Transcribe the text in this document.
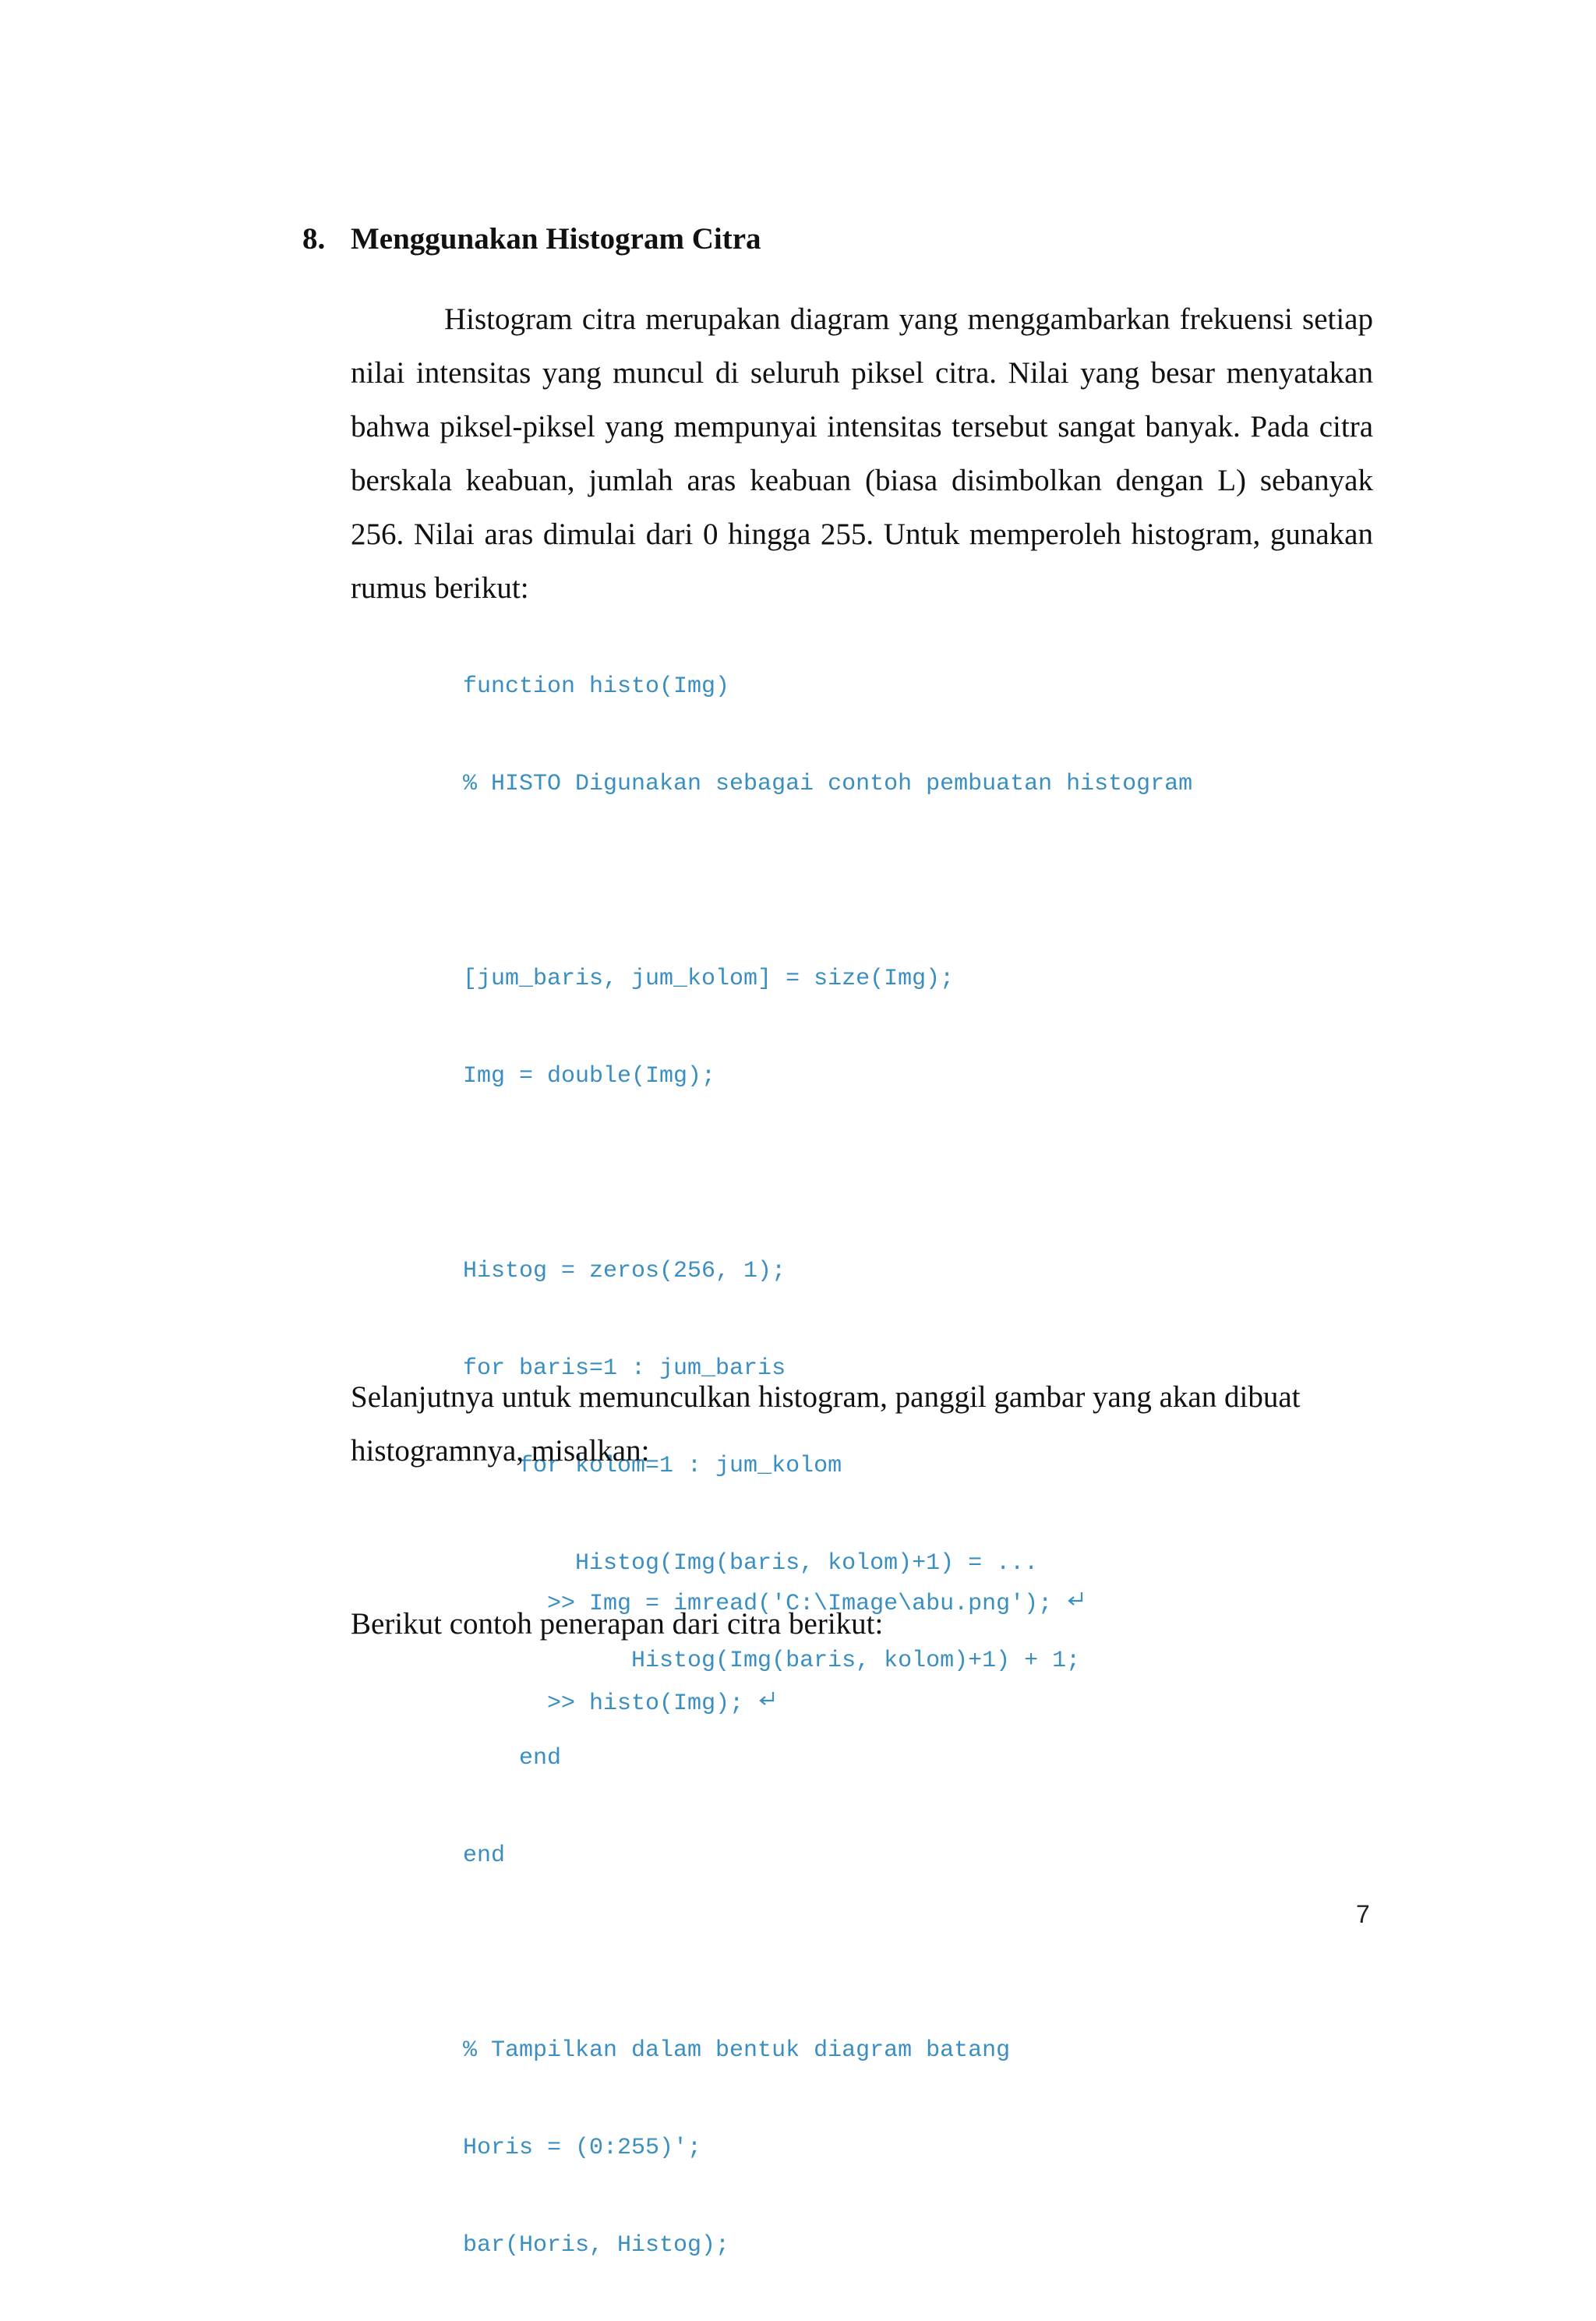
8. Menggunakan Histogram Citra
Histogram citra merupakan diagram yang menggambarkan frekuensi setiap nilai intensitas yang muncul di seluruh piksel citra. Nilai yang besar menyatakan bahwa piksel-piksel yang mempunyai intensitas tersebut sangat banyak. Pada citra berskala keabuan, jumlah aras keabuan (biasa disimbolkan dengan L) sebanyak 256. Nilai aras dimulai dari 0 hingga 255. Untuk memperoleh histogram, gunakan rumus berikut:

function histo(Img)

% HISTO Digunakan sebagai contoh pembuatan histogram

[jum_baris, jum_kolom] = size(Img);

Img = double(Img);

Histog = zeros(256, 1);

for baris=1 : jum_baris

for kolom=1 : jum_kolom

Histog(Img(baris, kolom)+1) = ...

Histog(Img(baris, kolom)+1) + 1;

end

end

% Tampilkan dalam bentuk diagram batang

Horis = (0:255)';

bar(Horis, Histog);

Selanjutnya untuk memunculkan histogram, panggil gambar yang akan dibuat histogramnya, misalkan:

>> Img = imread('C:\Image\abu.png');

>> histo(Img);

Berikut contoh penerapan dari citra berikut:
7
